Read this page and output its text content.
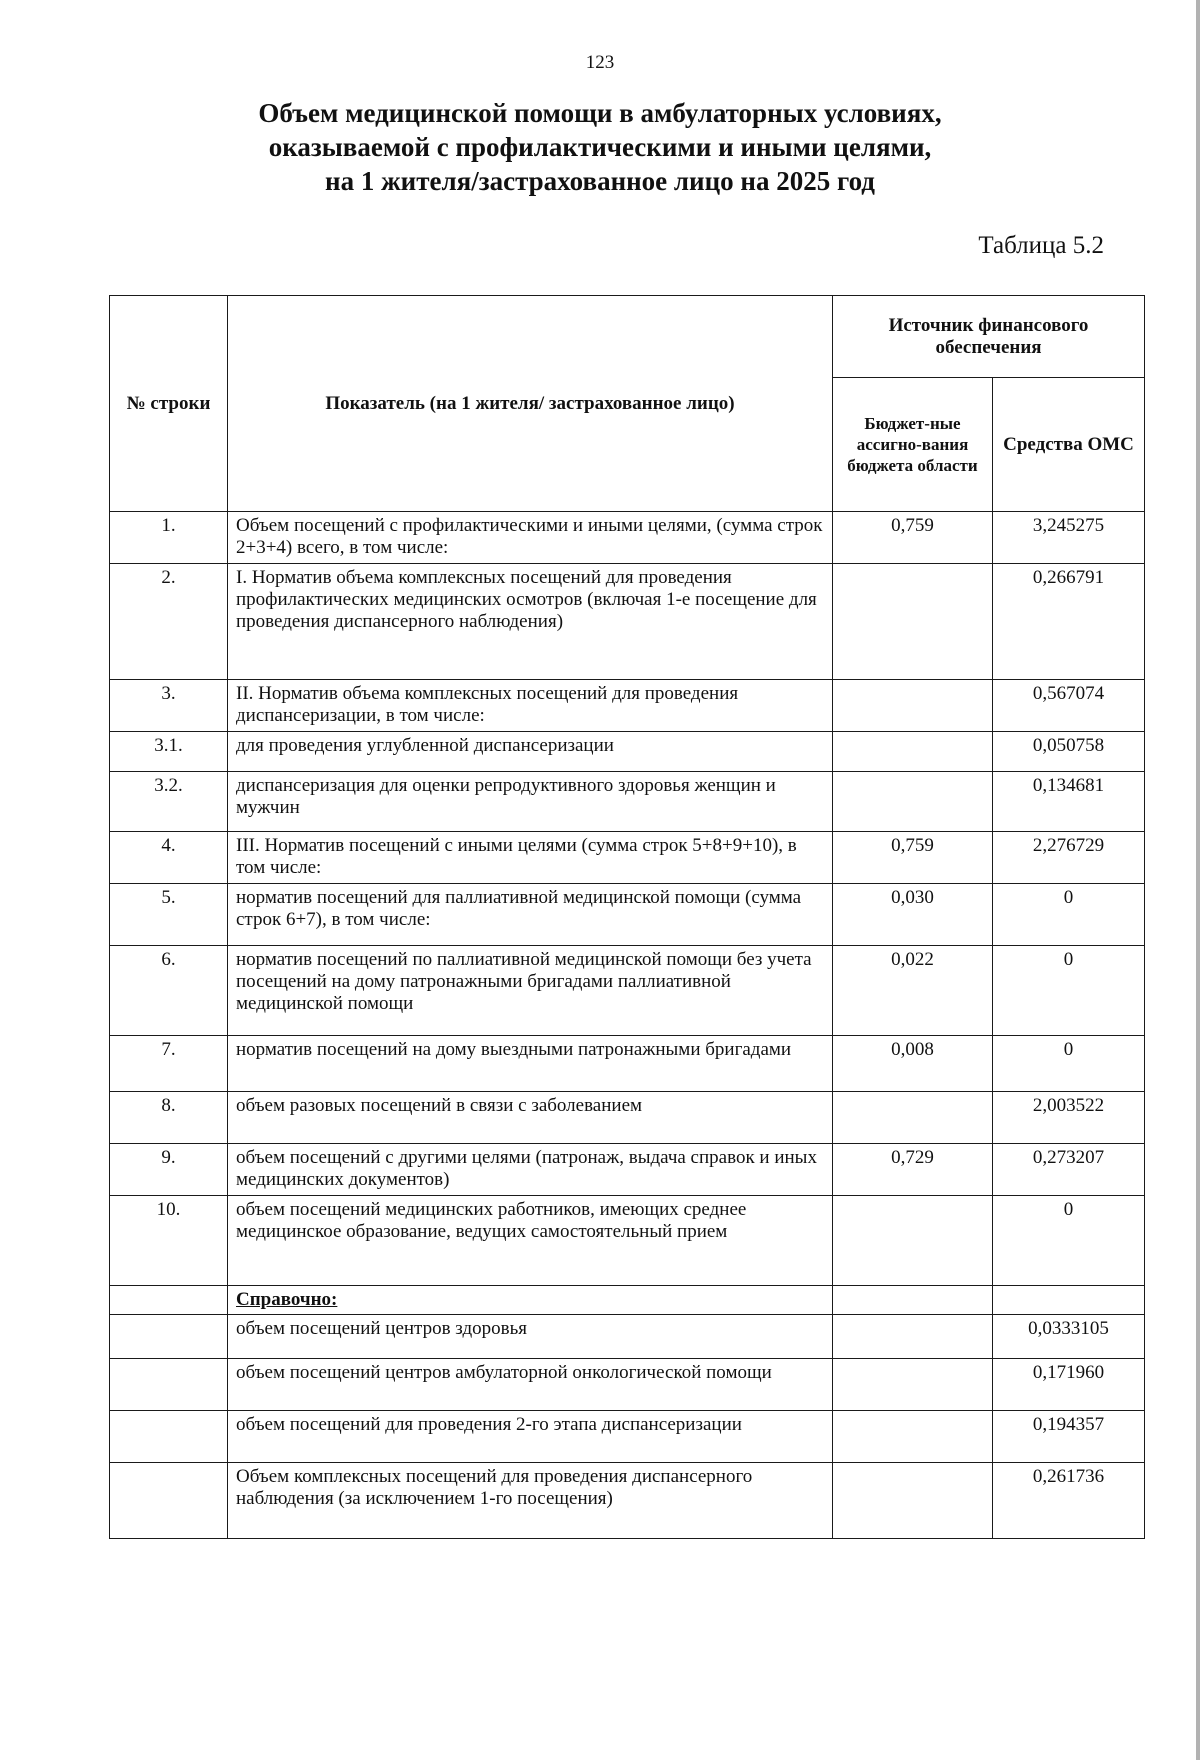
123
Объем медицинской помощи в амбулаторных условиях,
оказываемой с профилактическими и иными целями,
на 1 жителя/застрахованное лицо на 2025 год
Таблица 5.2
№ строки	Показатель (на 1 жителя/ застрахованное лицо)	Источник финансового обеспечения	
		Бюджет-ные ассигно-вания бюджета области	Средства ОМС
1.	Объем посещений с профилактическими и иными целями, (сумма строк 2+3+4) всего, в том числе:	0,759	3,245275
2.	I. Норматив объема комплексных посещений для проведения профилактических медицинских осмотров (включая 1-е посещение для проведения диспансерного наблюдения)		0,266791
3.	II. Норматив объема комплексных посещений для проведения диспансеризации, в том числе:		0,567074
3.1.	для проведения углубленной диспансеризации		0,050758
3.2.	диспансеризация для оценки репродуктивного здоровья женщин и мужчин		0,134681
4.	III. Норматив посещений с иными целями (сумма строк 5+8+9+10), в том числе:	0,759	2,276729
5.	норматив посещений для паллиативной медицинской помощи (сумма строк 6+7), в том числе:	0,030	0
6.	норматив посещений по паллиативной медицинской помощи без учета посещений на дому патронажными бригадами паллиативной медицинской помощи	0,022	0
7.	норматив посещений на дому выездными патронажными бригадами	0,008	0
8.	объем разовых посещений в связи с заболеванием		2,003522
9.	объем посещений с другими целями (патронаж, выдача справок и иных медицинских документов)	0,729	0,273207
10.	объем посещений медицинских работников, имеющих среднее медицинское образование, ведущих самостоятельный прием		0
	Справочно:		
	объем посещений центров здоровья		0,0333105
	объем посещений центров амбулаторной онкологической помощи		0,171960
	объем посещений для проведения 2-го этапа диспансеризации		0,194357
	Объем комплексных посещений для проведения диспансерного наблюдения (за исключением 1-го посещения)		0,261736
